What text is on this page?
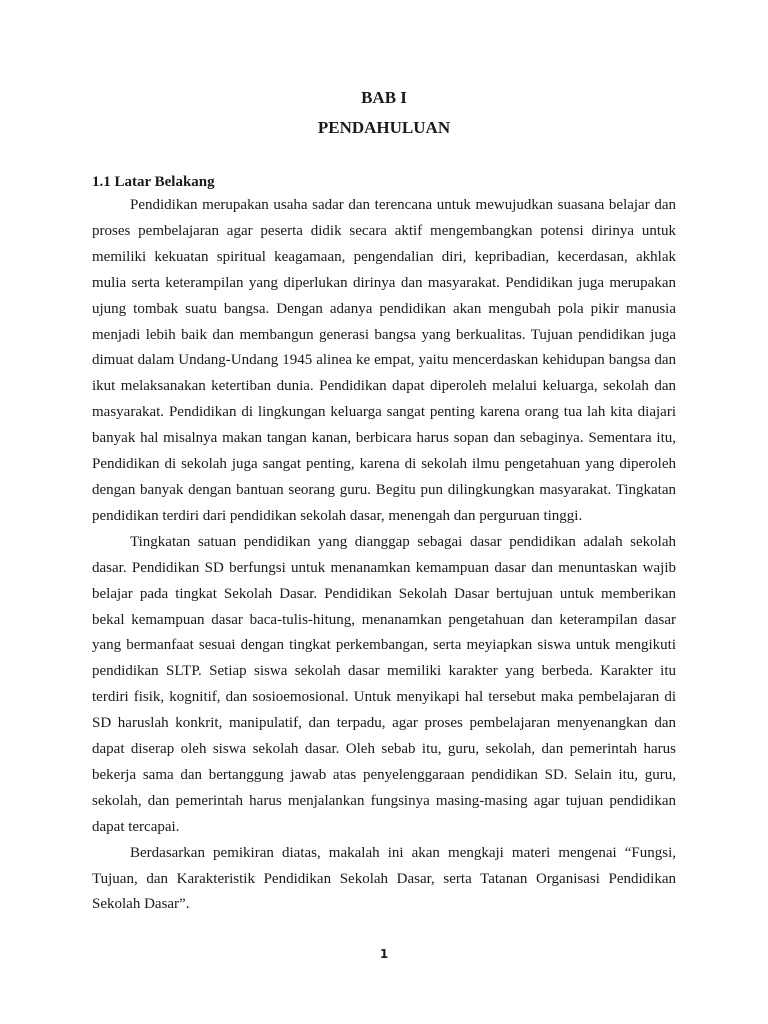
BAB I
PENDAHULUAN
1.1 Latar Belakang

Pendidikan merupakan usaha sadar dan terencana untuk mewujudkan suasana belajar dan proses pembelajaran agar peserta didik secara aktif mengembangkan potensi dirinya untuk memiliki kekuatan spiritual keagamaan, pengendalian diri, kepribadian, kecerdasan, akhlak mulia serta keterampilan yang diperlukan dirinya dan masyarakat. Pendidikan juga merupakan ujung tombak suatu bangsa. Dengan adanya pendidikan akan mengubah pola pikir manusia menjadi lebih baik dan membangun generasi bangsa yang berkualitas. Tujuan pendidikan juga dimuat dalam Undang-Undang 1945 alinea ke empat, yaitu mencerdaskan kehidupan bangsa dan ikut melaksanakan ketertiban dunia. Pendidikan dapat diperoleh melalui keluarga, sekolah dan masyarakat. Pendidikan di lingkungan keluarga sangat penting karena orang tua lah kita diajari banyak hal misalnya makan tangan kanan, berbicara harus sopan dan sebaginya. Sementara itu, Pendidikan di sekolah juga sangat penting, karena di sekolah ilmu pengetahuan yang diperoleh dengan banyak dengan bantuan seorang guru. Begitu pun dilingkungkan masyarakat. Tingkatan pendidikan terdiri dari pendidikan sekolah dasar, menengah dan perguruan tinggi.

Tingkatan satuan pendidikan yang dianggap sebagai dasar pendidikan adalah sekolah dasar. Pendidikan SD berfungsi untuk menanamkan kemampuan dasar dan menuntaskan wajib belajar pada tingkat Sekolah Dasar. Pendidikan Sekolah Dasar bertujuan untuk memberikan bekal kemampuan dasar baca-tulis-hitung, menanamkan pengetahuan dan keterampilan dasar yang bermanfaat sesuai dengan tingkat perkembangan, serta meyiapkan siswa untuk mengikuti pendidikan SLTP. Setiap siswa sekolah dasar memiliki karakter yang berbeda. Karakter itu terdiri fisik, kognitif, dan sosioemosional. Untuk menyikapi hal tersebut maka pembelajaran di SD haruslah konkrit, manipulatif, dan terpadu, agar proses pembelajaran menyenangkan dan dapat diserap oleh siswa sekolah dasar. Oleh sebab itu, guru, sekolah, dan pemerintah harus bekerja sama dan bertanggung jawab atas penyelenggaraan pendidikan SD. Selain itu, guru, sekolah, dan pemerintah harus menjalankan fungsinya masing-masing agar tujuan pendidikan dapat tercapai.

Berdasarkan pemikiran diatas, makalah ini akan mengkaji materi mengenai “Fungsi, Tujuan, dan Karakteristik Pendidikan Sekolah Dasar, serta Tatanan Organisasi Pendidikan Sekolah Dasar”.

1
